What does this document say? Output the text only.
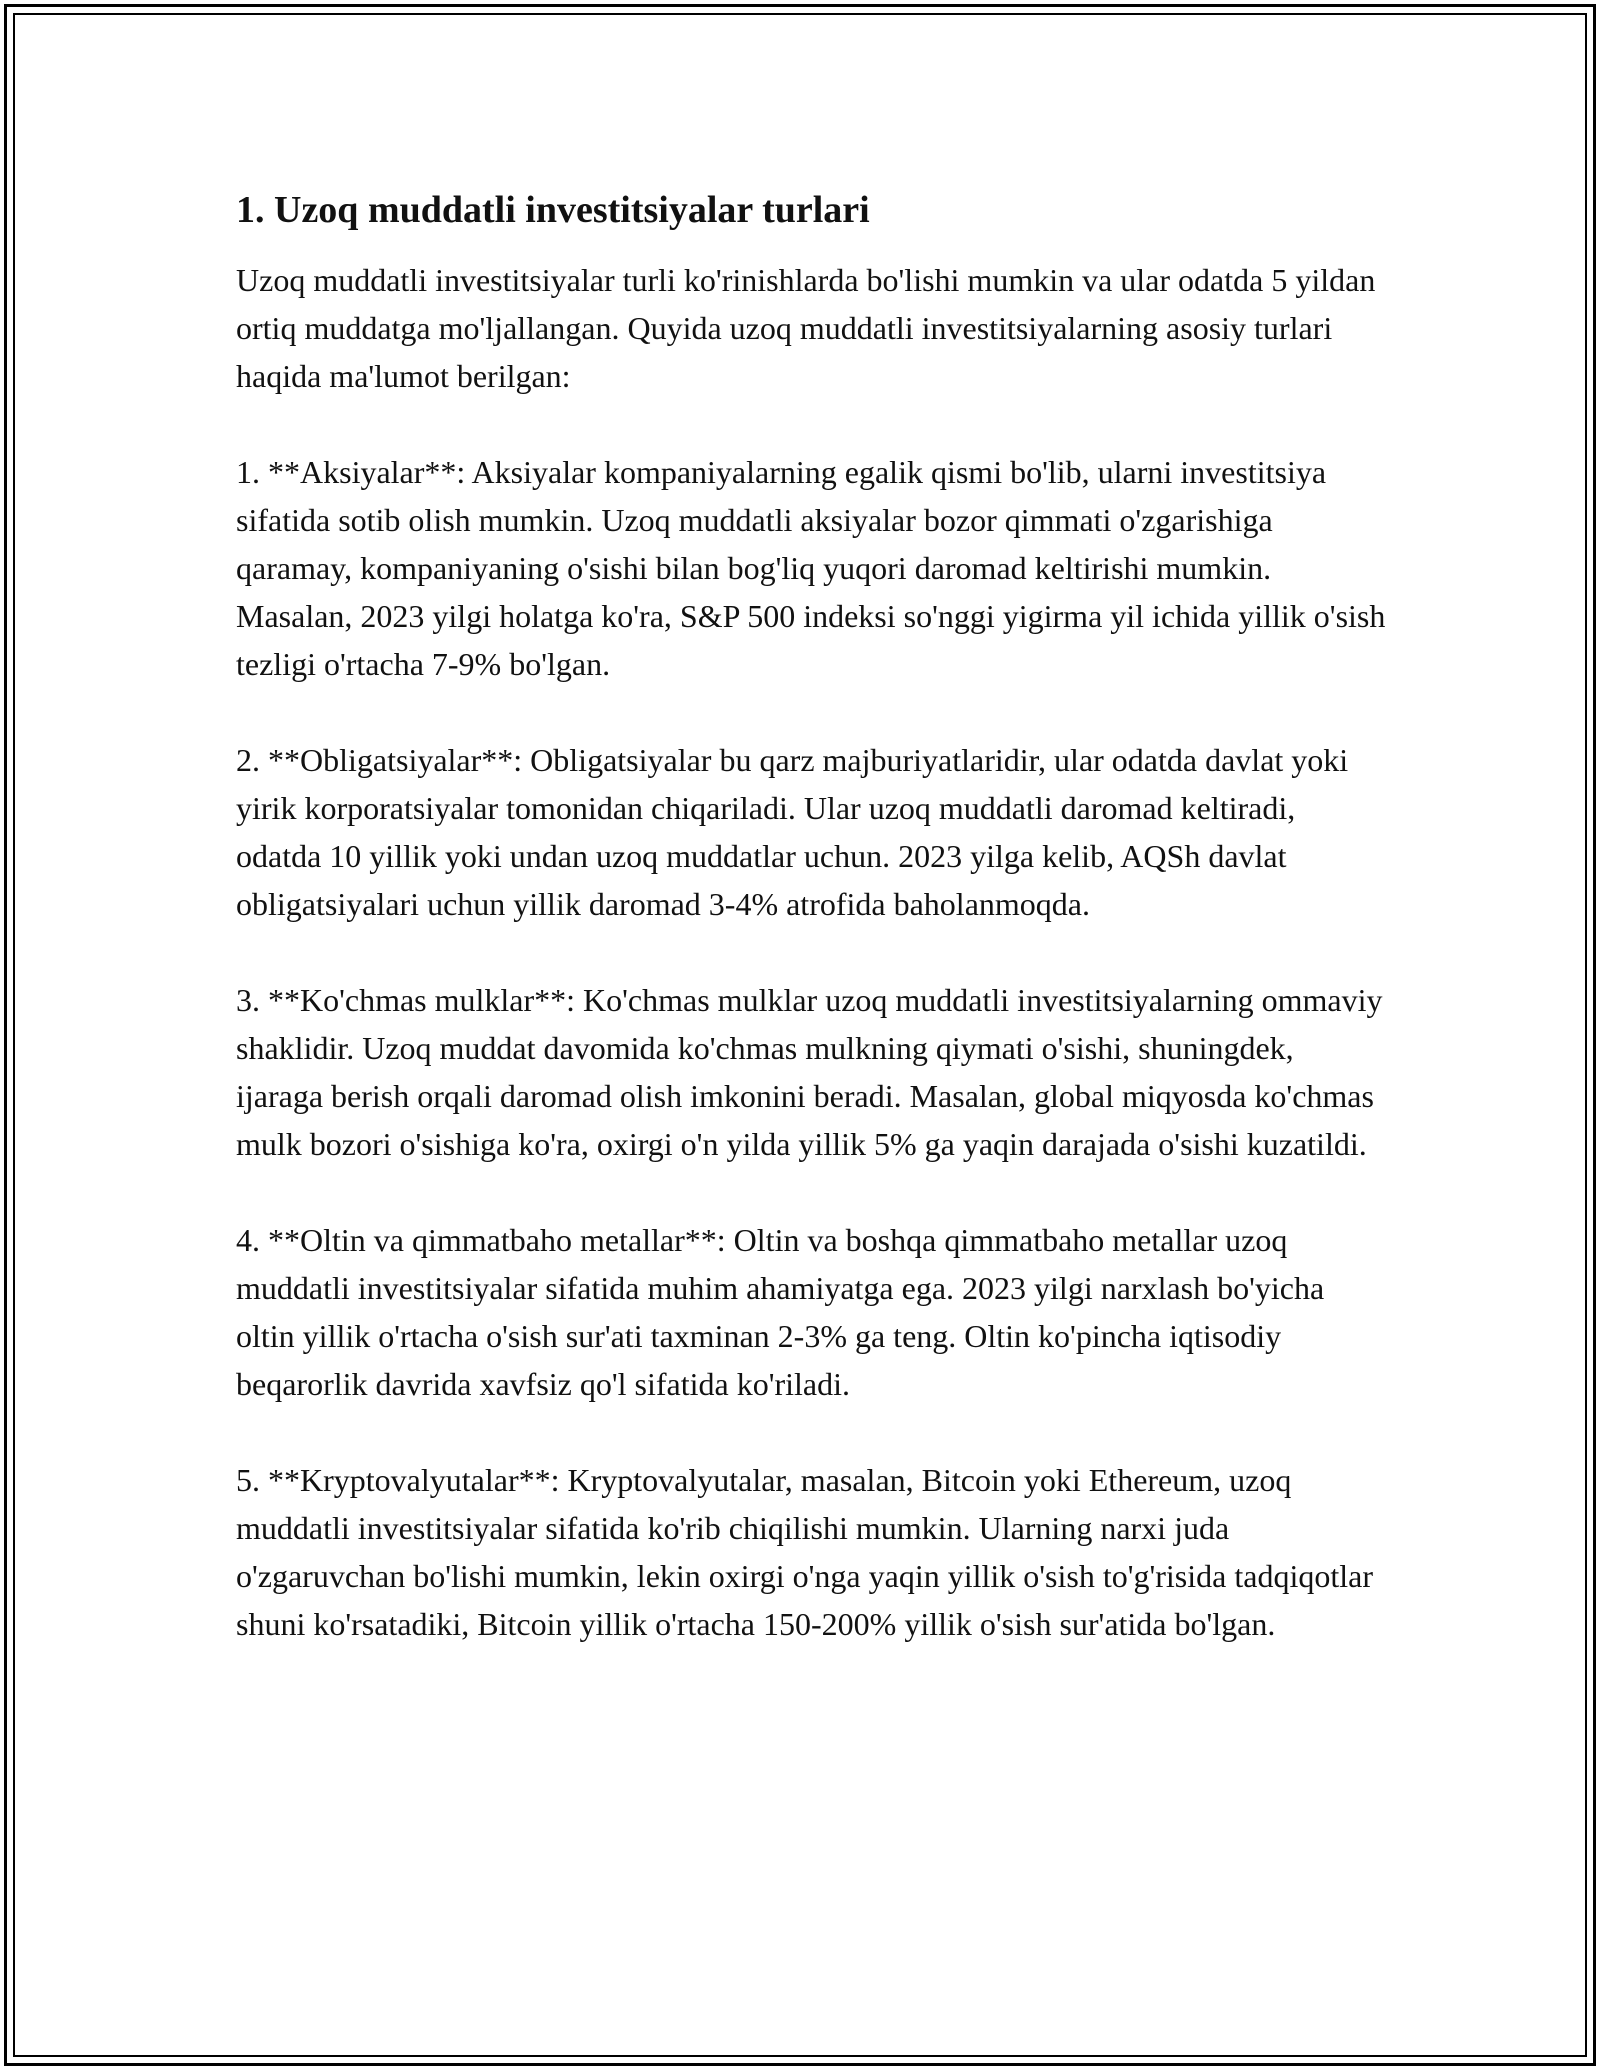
1. Uzoq muddatli investitsiyalar turlari

Uzoq muddatli investitsiyalar turli ko'rinishlarda bo'lishi mumkin va ular odatda 5 yildan ortiq muddatga mo'ljallangan. Quyida uzoq muddatli investitsiyalarning asosiy turlari haqida ma'lumot berilgan:

1. **Aksiyalar**: Aksiyalar kompaniyalarning egalik qismi bo'lib, ularni investitsiya sifatida sotib olish mumkin. Uzoq muddatli aksiyalar bozor qimmati o'zgarishiga qaramay, kompaniyaning o'sishi bilan bog'liq yuqori daromad keltirishi mumkin. Masalan, 2023 yilgi holatga ko'ra, S&P 500 indeksi so'nggi yigirma yil ichida yillik o'sish tezligi o'rtacha 7-9% bo'lgan.

2. **Obligatsiyalar**: Obligatsiyalar bu qarz majburiyatlaridir, ular odatda davlat yoki yirik korporatsiyalar tomonidan chiqariladi. Ular uzoq muddatli daromad keltiradi, odatda 10 yillik yoki undan uzoq muddatlar uchun. 2023 yilga kelib, AQSh davlat obligatsiyalari uchun yillik daromad 3-4% atrofida baholanmoqda.

3. **Ko'chmas mulklar**: Ko'chmas mulklar uzoq muddatli investitsiyalarning ommaviy shaklidir. Uzoq muddat davomida ko'chmas mulkning qiymati o'sishi, shuningdek, ijaraga berish orqali daromad olish imkonini beradi. Masalan, global miqyosda ko'chmas mulk bozori o'sishiga ko'ra, oxirgi o'n yilda yillik 5% ga yaqin darajada o'sishi kuzatildi.

4. **Oltin va qimmatbaho metallar**: Oltin va boshqa qimmatbaho metallar uzoq muddatli investitsiyalar sifatida muhim ahamiyatga ega. 2023 yilgi narxlash bo'yicha oltin yillik o'rtacha o'sish sur'ati taxminan 2-3% ga teng. Oltin ko'pincha iqtisodiy beqarorlik davrida xavfsiz qo'l sifatida ko'riladi.

5. **Kryptovalyutalar**: Kryptovalyutalar, masalan, Bitcoin yoki Ethereum, uzoq muddatli investitsiyalar sifatida ko'rib chiqilishi mumkin. Ularning narxi juda o'zgaruvchan bo'lishi mumkin, lekin oxirgi o'nga yaqin yillik o'sish to'g'risida tadqiqotlar shuni ko'rsatadiki, Bitcoin yillik o'rtacha 150-200% yillik o'sish sur'atida bo'lgan.
